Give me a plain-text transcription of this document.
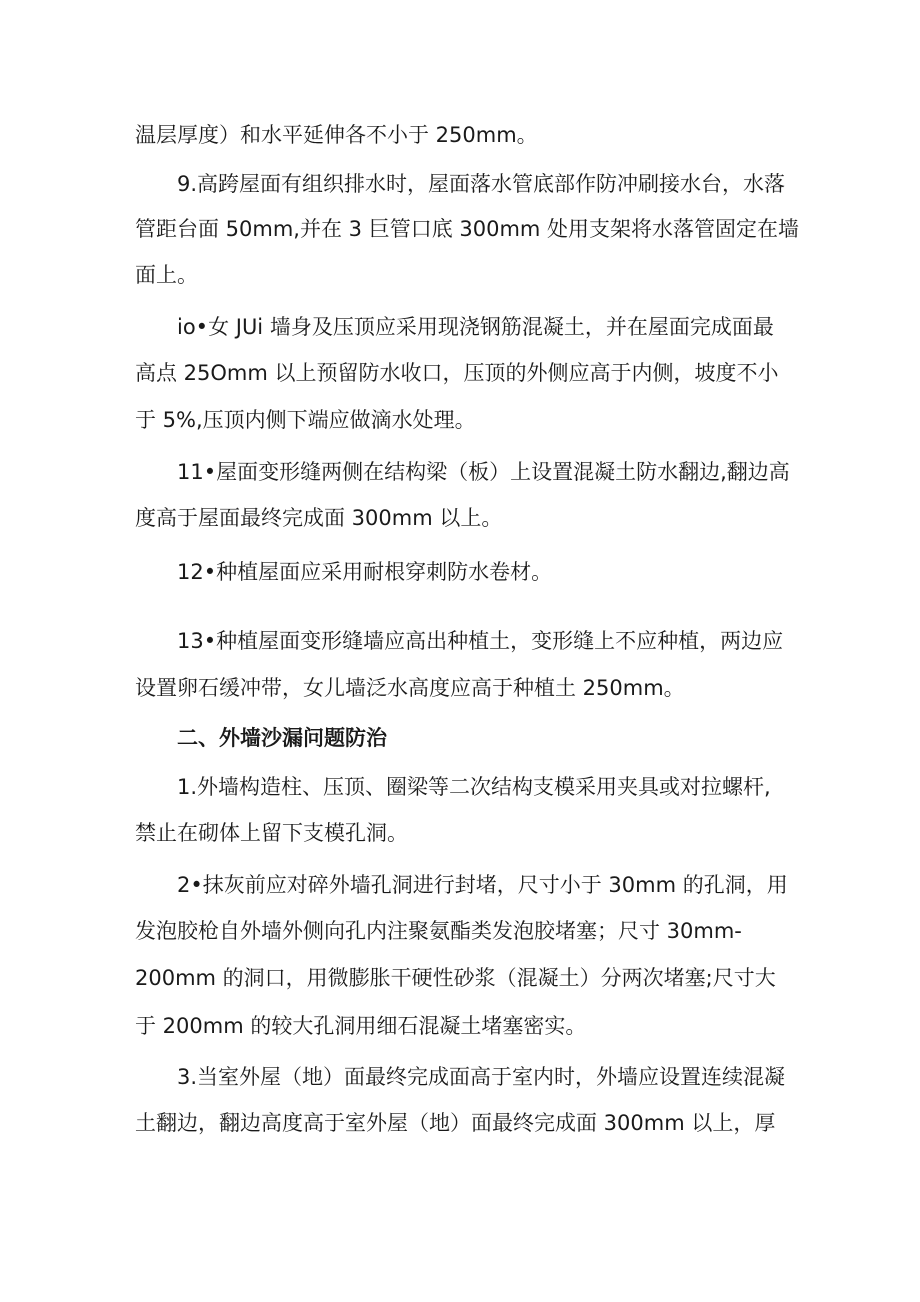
温层厚度）和水平延伸各不小于 250mm。
9.高跨屋面有组织排水时，屋面落水管底部作防冲刷接水台，水落
管距台面 50mm,并在 3 巨管口底 300mm 处用支架将水落管固定在墙
面上。
io•女 JUi 墙身及压顶应采用现浇钢筋混凝土，并在屋面完成面最
高点 25Omm 以上预留防水收口，压顶的外侧应高于内侧，坡度不小
于 5%,压顶内侧下端应做滴水处理。
11•屋面变形缝两侧在结构梁（板）上设置混凝土防水翻边,翻边高
度高于屋面最终完成面 300mm 以上。
12•种植屋面应采用耐根穿刺防水卷材。
13•种植屋面变形缝墙应高出种植土，变形缝上不应种植，两边应
设置卵石缓冲带，女儿墙泛水高度应高于种植土 250mm。
二、外墙沙漏问题防治
1.外墙构造柱、压顶、圈梁等二次结构支模采用夹具或对拉螺杆,
禁止在砌体上留下支模孔洞。
2•抹灰前应对碎外墙孔洞进行封堵，尺寸小于 30mm 的孔洞，用
发泡胶枪自外墙外侧向孔内注聚氨酯类发泡胶堵塞；尺寸 30mm-
200mm 的洞口，用微膨胀干硬性砂浆（混凝土）分两次堵塞;尺寸大
于 200mm 的较大孔洞用细石混凝土堵塞密实。
3.当室外屋（地）面最终完成面高于室内时，外墙应设置连续混凝
土翻边，翻边高度高于室外屋（地）面最终完成面 300mm 以上，厚
